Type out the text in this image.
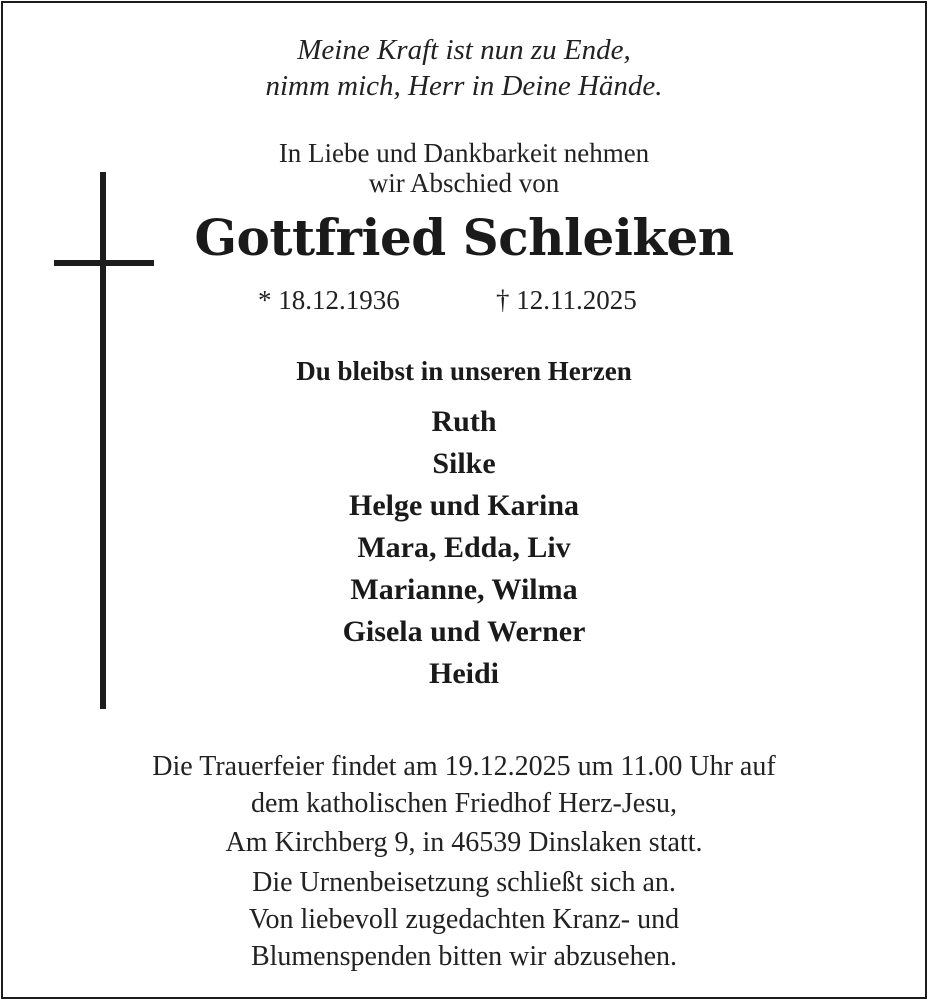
Meine Kraft ist nun zu Ende,
nimm mich, Herr in Deine Hände.
In Liebe und Dankbarkeit nehmen
wir Abschied von
Gottfried Schleiken
* 18.12.1936	† 12.11.2025
Du bleibst in unseren Herzen
Ruth
Silke
Helge und Karina
Mara, Edda, Liv
Marianne, Wilma
Gisela und Werner
Heidi
Die Trauerfeier findet am 19.12.2025 um 11.00 Uhr auf
dem katholischen Friedhof Herz-Jesu,
Am Kirchberg 9, in 46539 Dinslaken statt.
Die Urnenbeisetzung schließt sich an.
Von liebevoll zugedachten Kranz- und
Blumenspenden bitten wir abzusehen.
